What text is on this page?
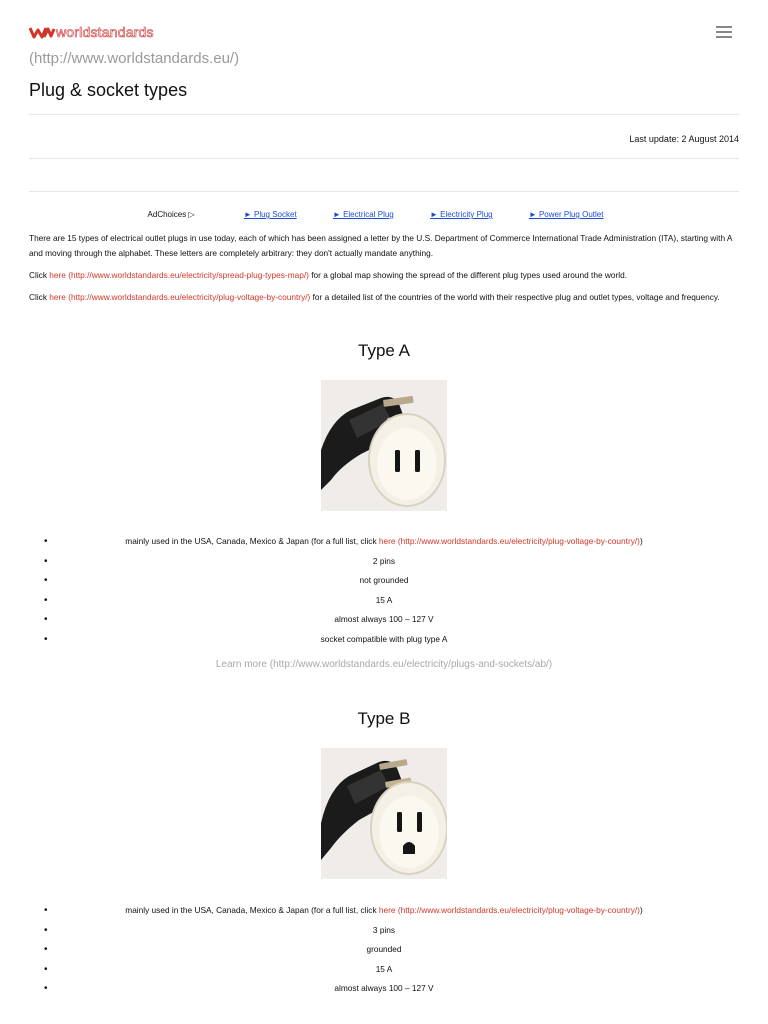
worldstandards
(http://www.worldstandards.eu/)
Plug & socket types
Last update: 2 August 2014
AdChoices ▷	► Plug Socket	► Electrical Plug	► Electricity Plug	► Power Plug Outlet
There are 15 types of electrical outlet plugs in use today, each of which has been assigned a letter by the U.S. Department of Commerce International Trade Administration (ITA), starting with A and moving through the alphabet. These letters are completely arbitrary: they don't actually mandate anything.
Click here (http://www.worldstandards.eu/electricity/spread-plug-types-map/) for a global map showing the spread of the different plug types used around the world.
Click here (http://www.worldstandards.eu/electricity/plug-voltage-by-country/) for a detailed list of the countries of the world with their respective plug and outlet types, voltage and frequency.
Type A
•	mainly used in the USA, Canada, Mexico & Japan (for a full list, click here (http://www.worldstandards.eu/electricity/plug-voltage-by-country/))
•	2 pins
•	not grounded
•	15 A
•	almost always 100 – 127 V
•	socket compatible with plug type A
Learn more (http://www.worldstandards.eu/electricity/plugs-and-sockets/ab/)
Type B
•	mainly used in the USA, Canada, Mexico & Japan (for a full list, click here (http://www.worldstandards.eu/electricity/plug-voltage-by-country/))
•	3 pins
•	grounded
•	15 A
•	almost always 100 – 127 V
